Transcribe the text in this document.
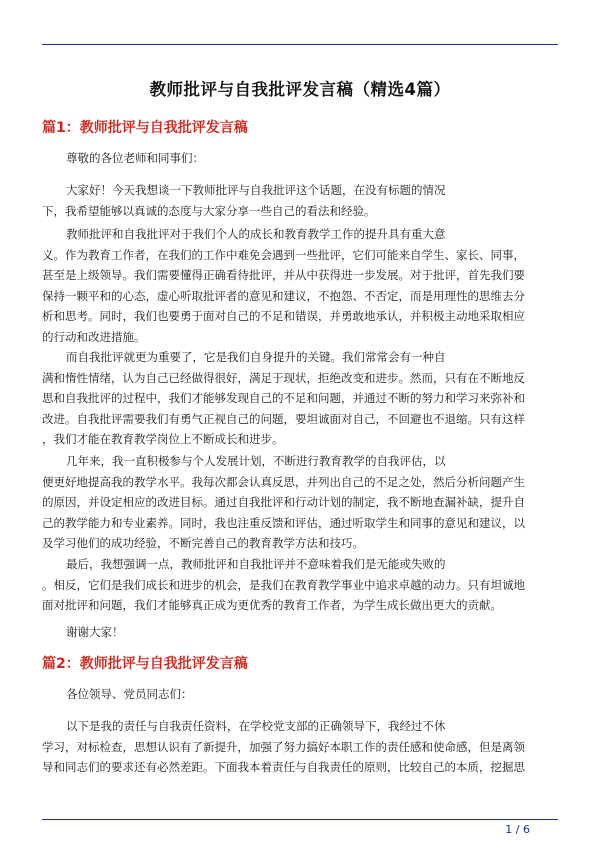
教师批评与自我批评发言稿（精选4篇）
篇1：教师批评与自我批评发言稿
尊敬的各位老师和同事们：
大家好！今天我想谈一下教师批评与自我批评这个话题，在没有标题的情况
下，我希望能够以真诚的态度与大家分享一些自己的看法和经验。
教师批评和自我批评对于我们个人的成长和教育教学工作的提升具有重大意
义。作为教育工作者，在我们的工作中难免会遇到一些批评，它们可能来自学生、家长、同事，
甚至是上级领导。我们需要懂得正确看待批评，并从中获得进一步发展。对于批评，首先我们要
保持一颗平和的心态，虚心听取批评者的意见和建议，不抱怨、不否定，而是用理性的思维去分
析和思考。同时，我们也要勇于面对自己的不足和错误，并勇敢地承认，并积极主动地采取相应
的行动和改进措施。
而自我批评就更为重要了，它是我们自身提升的关键。我们常常会有一种自
满和惰性情绪，认为自己已经做得很好，满足于现状，拒绝改变和进步。然而，只有在不断地反
思和自我批评的过程中，我们才能够发现自己的不足和问题，并通过不断的努力和学习来弥补和
改进。自我批评需要我们有勇气正视自己的问题，要坦诚面对自己，不回避也不退缩。只有这样
，我们才能在教育教学岗位上不断成长和进步。
几年来，我一直积极参与个人发展计划，不断进行教育教学的自我评估，以
便更好地提高我的教学水平。我每次都会认真反思，并列出自己的不足之处，然后分析问题产生
的原因，并设定相应的改进目标。通过自我批评和行动计划的制定，我不断地查漏补缺，提升自
己的教学能力和专业素养。同时，我也注重反馈和评估，通过听取学生和同事的意见和建议，以
及学习他们的成功经验，不断完善自己的教育教学方法和技巧。
最后，我想强调一点，教师批评和自我批评并不意味着我们是无能或失败的
。相反，它们是我们成长和进步的机会，是我们在教育教学事业中追求卓越的动力。只有坦诚地
面对批评和问题，我们才能够真正成为更优秀的教育工作者，为学生成长做出更大的贡献。
谢谢大家！
篇2：教师批评与自我批评发言稿
各位领导、党员同志们：
以下是我的责任与自我责任资料，在学校党支部的正确领导下，我经过不休
学习，对标检查，思想认识有了新提升，加强了努力搞好本职工作的责任感和使命感，但是离领
导和同志们的要求还有必然差距。下面我本着责任与自我责任的原则，比较自己的本质，挖掘思
1 / 6
